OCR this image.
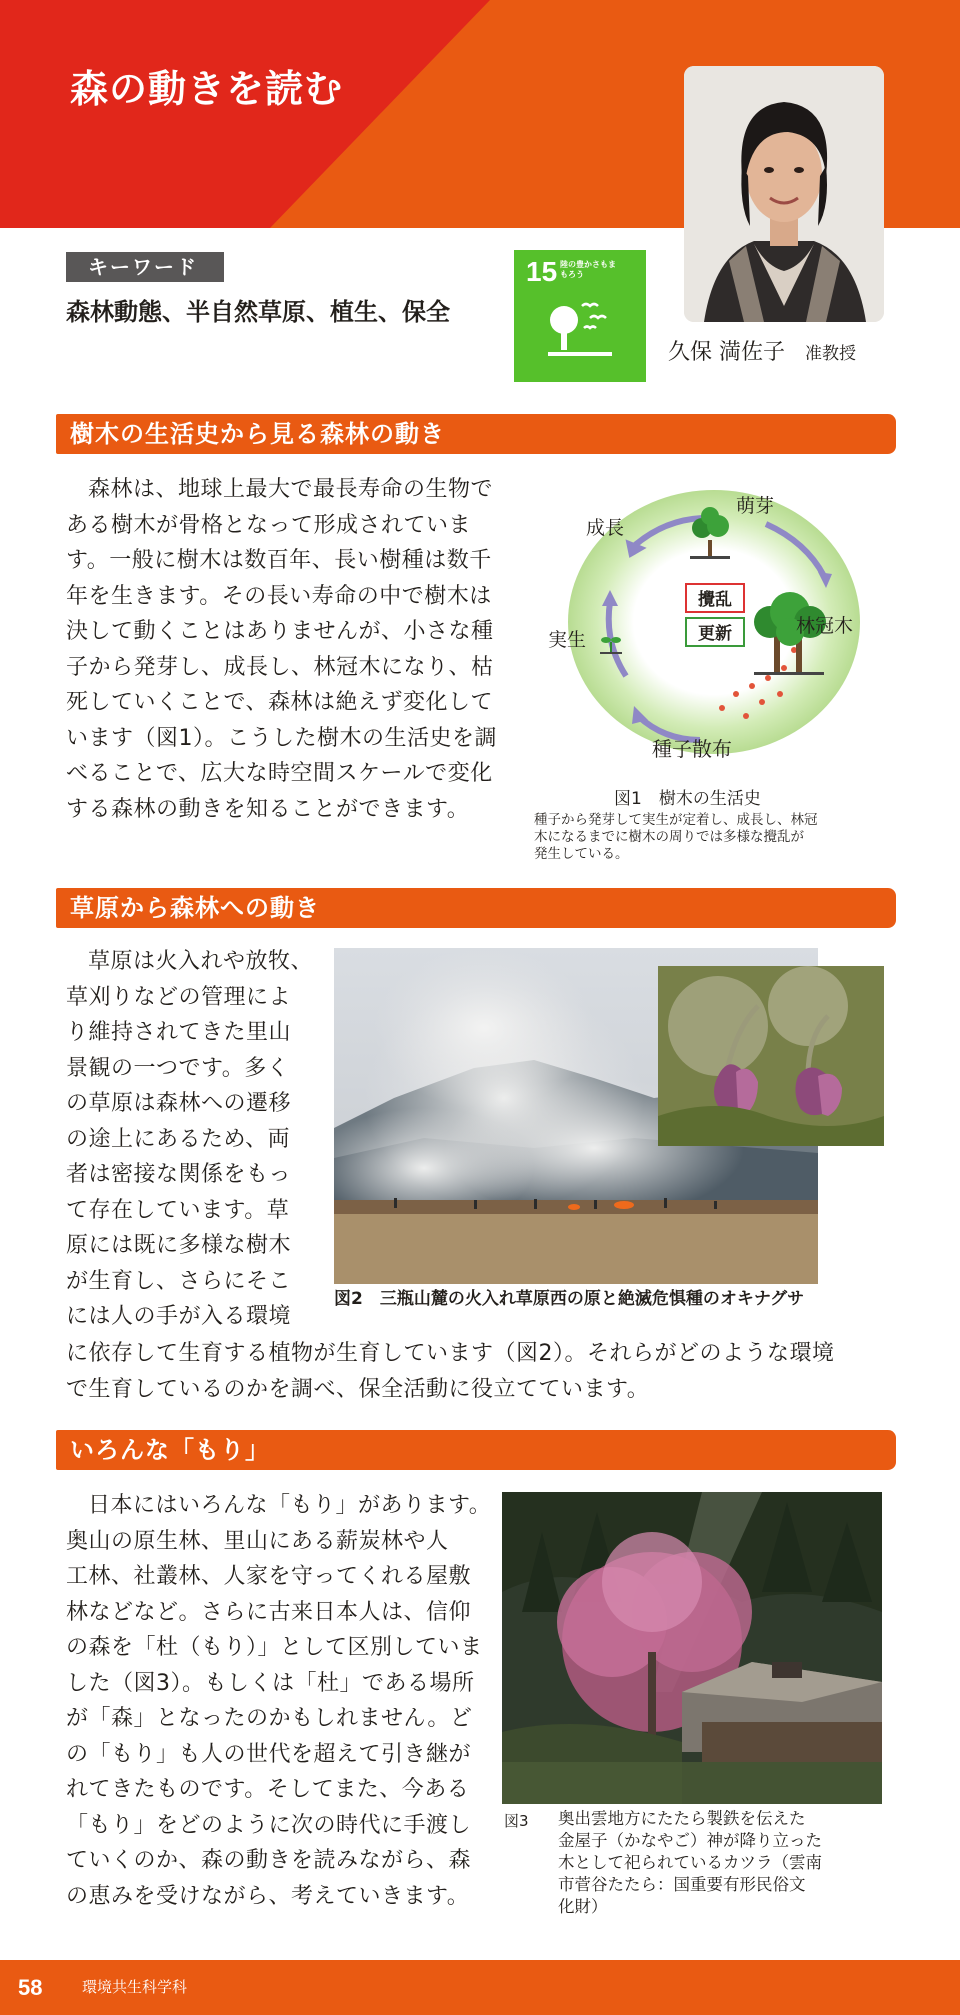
森の動きを読む
久保 満佐子 准教授
キーワード
森林動態、半自然草原、植生、保全
15 陸の豊かさもまもろう
樹木の生活史から見る森林の動き

森林は、地球上最大で最長寿命の生物で

ある樹木が骨格となって形成されていま

す。一般に樹木は数百年、長い樹種は数千

年を生きます。その長い寿命の中で樹木は

決して動くことはありませんが、小さな種

子から発芽し、成長し、林冠木になり、枯

死していくことで、森林は絶えず変化して

います（図1）。こうした樹木の生活史を調

べることで、広大な時空間スケールで変化

する森林の動きを知ることができます。

攪乱
更新
萌芽
成長
林冠木
実生
種子散布
図1　樹木の生活史
種子から発芽して実生が定着し、成長し、林冠
木になるまでに樹木の周りでは多様な攪乱が
発生している。
草原から森林への動き

草原は火入れや放牧、

草刈りなどの管理によ

り維持されてきた里山

景観の一つです。多く

の草原は森林への遷移

の途上にあるため、両

者は密接な関係をもっ

て存在しています。草

原には既に多様な樹木

が生育し、さらにそこ

には人の手が入る環境

に依存して生育する植物が生育しています（図2）。それらがどのような環境

で生育しているのかを調べ、保全活動に役立てています。

図2　三瓶山麓の火入れ草原西の原と絶滅危惧種のオキナグサ
いろんな「もり」

日本にはいろんな「もり」があります。

奥山の原生林、里山にある薪炭林や人

工林、社叢林、人家を守ってくれる屋敷

林などなど。さらに古来日本人は、信仰

の森を「杜（もり）」として区別していま

した（図3）。もしくは「杜」である場所

が「森」となったのかもしれません。ど

の「もり」も人の世代を超えて引き継が

れてきたものです。そしてまた、今ある

「もり」をどのように次の時代に手渡し

ていくのか、森の動きを読みながら、森

の恵みを受けながら、考えていきます。

図3	奥出雲地方にたたら製鉄を伝えた
金屋子（かなやご）神が降り立った
木として祀られているカツラ（雲南
市菅谷たたら：国重要有形民俗文
化財）
58	環境共生科学科
